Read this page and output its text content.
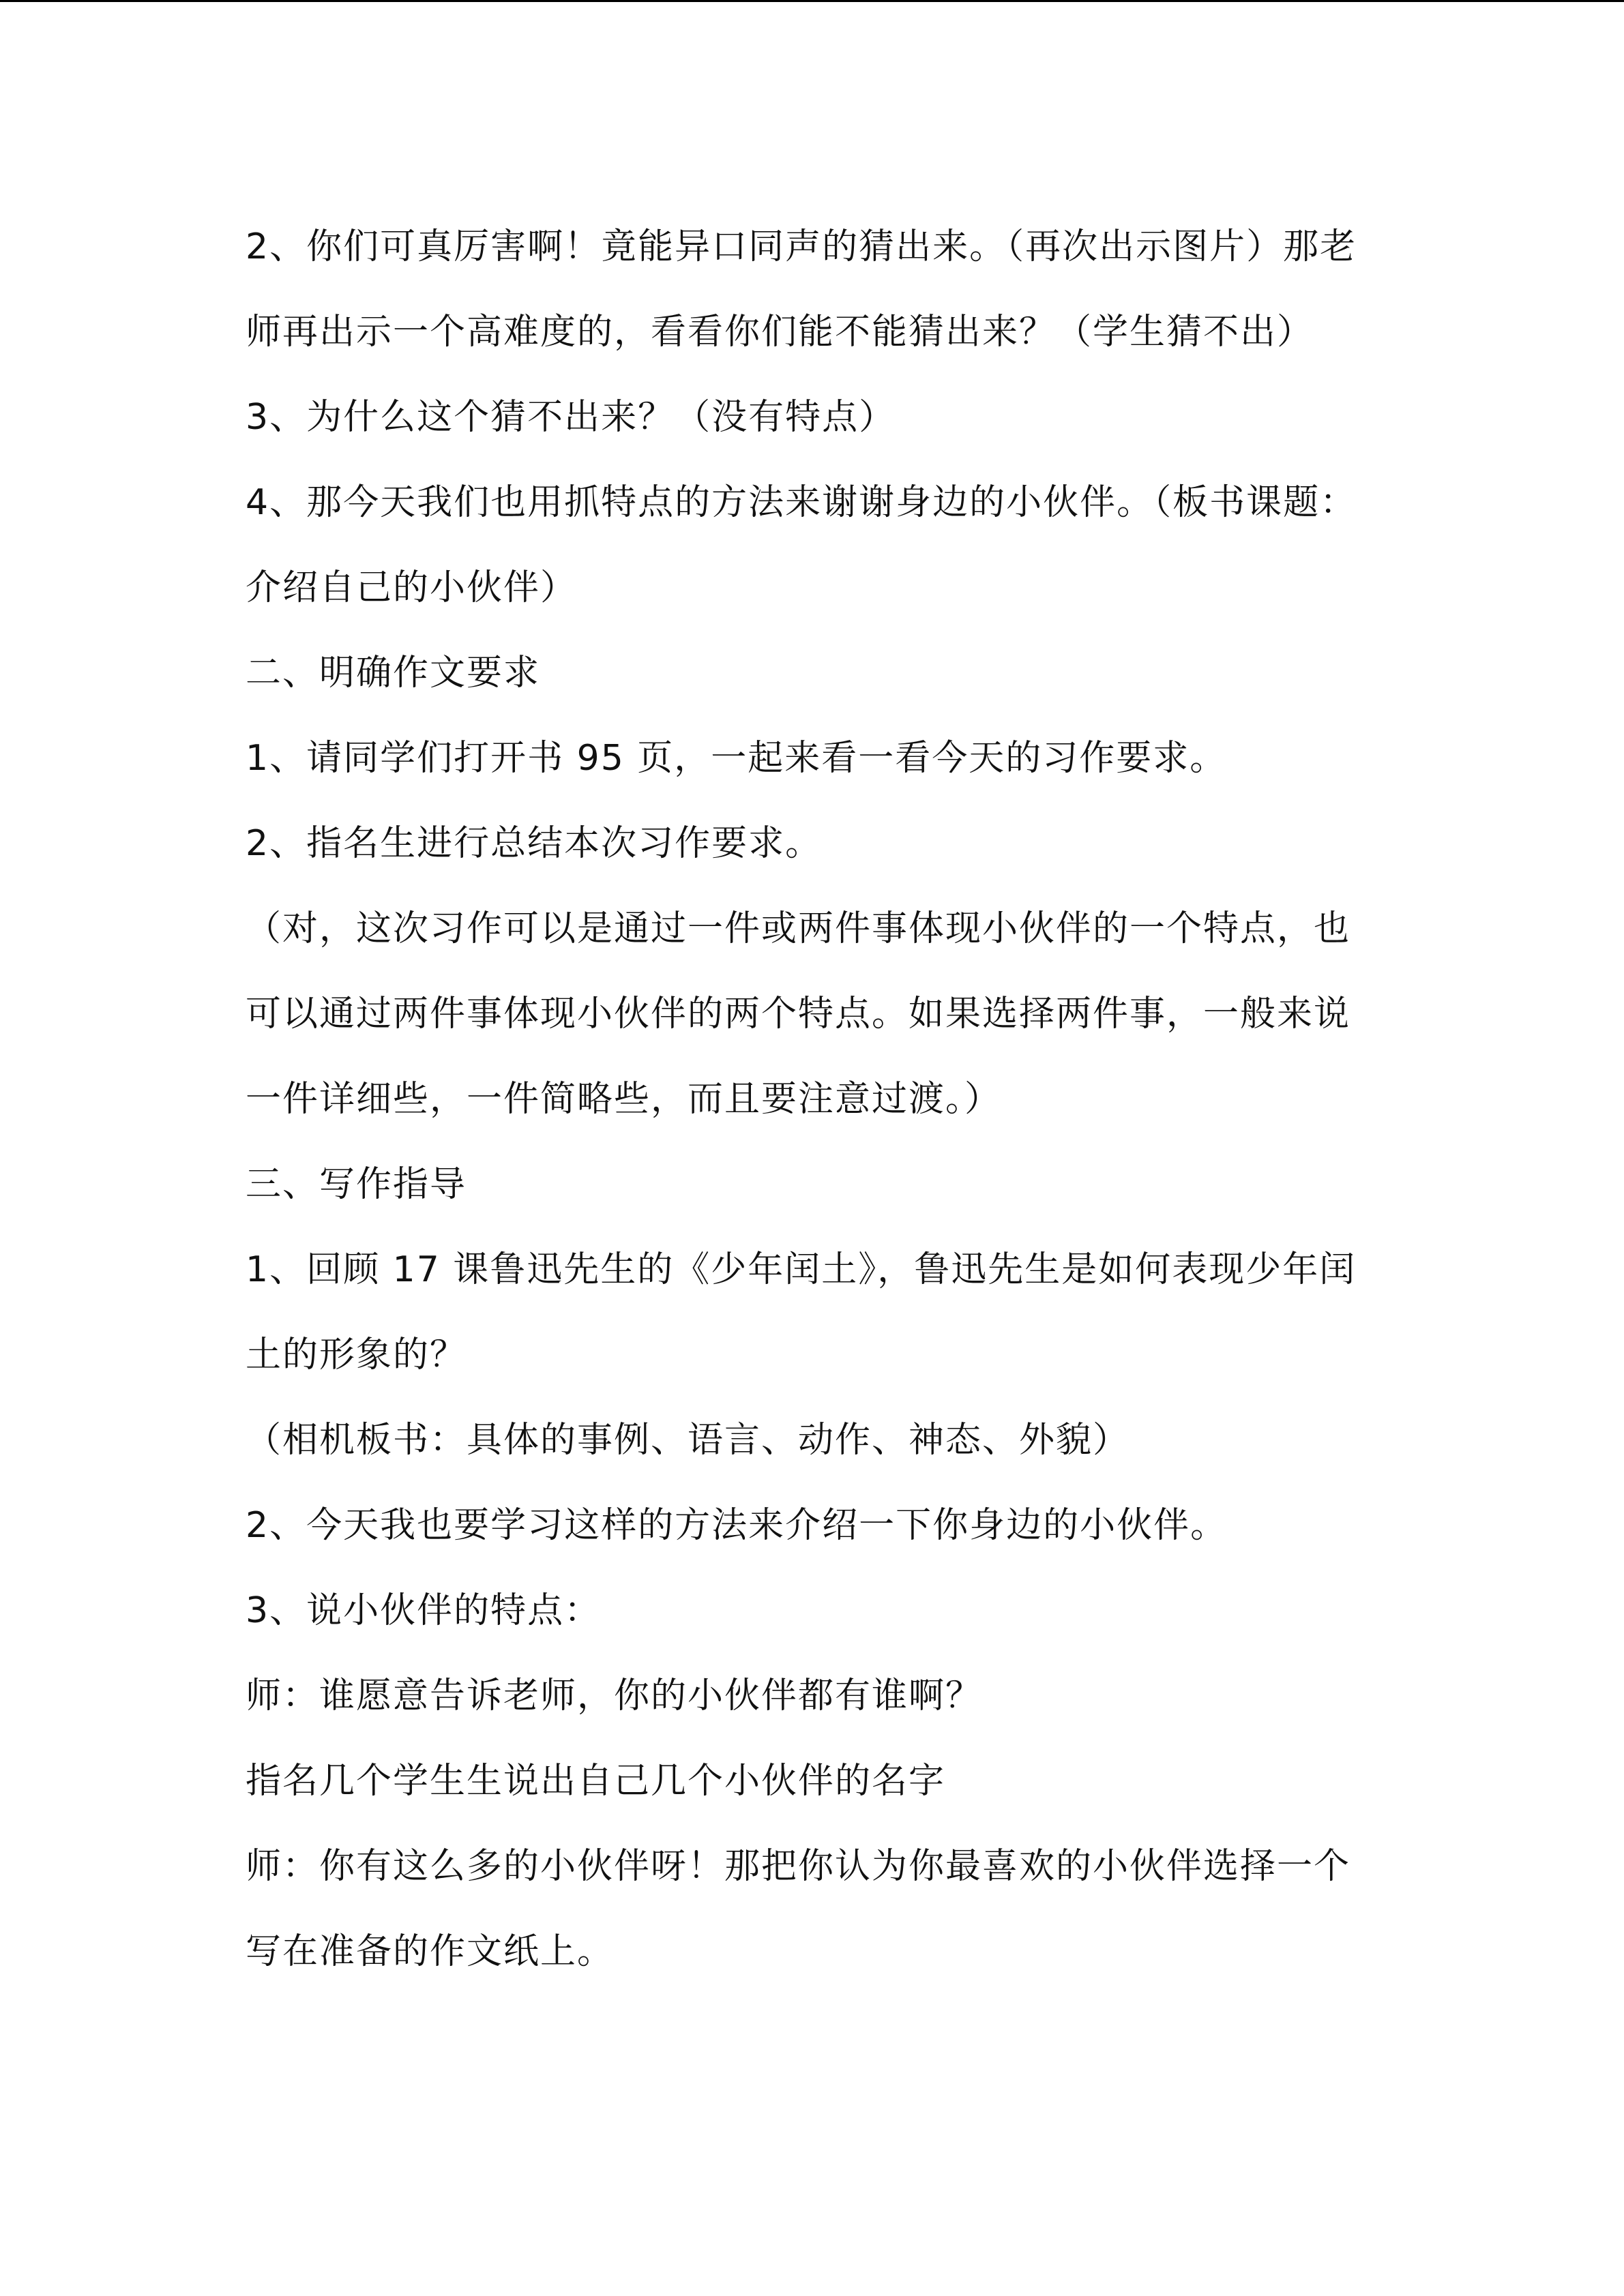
2、你们可真厉害啊！竟能异口同声的猜出来。（再次出示图片）那老师再出示一个高难度的，看看你们能不能猜出来？（学生猜不出）
3、为什么这个猜不出来？（没有特点）
4、那今天我们也用抓特点的方法来谢谢身边的小伙伴。（板书课题：介绍自己的小伙伴）
二、明确作文要求
1、请同学们打开书 95 页，一起来看一看今天的习作要求。
2、指名生进行总结本次习作要求。
（对，这次习作可以是通过一件或两件事体现小伙伴的一个特点，也可以通过两件事体现小伙伴的两个特点。如果选择两件事，一般来说一件详细些，一件简略些，而且要注意过渡。）
三、写作指导
1、回顾 17 课鲁迅先生的《少年闰土》，鲁迅先生是如何表现少年闰土的形象的？
（相机板书：具体的事例、语言、动作、神态、外貌）
2、今天我也要学习这样的方法来介绍一下你身边的小伙伴。
3、说小伙伴的特点：
师：谁愿意告诉老师，你的小伙伴都有谁啊？
指名几个学生生说出自己几个小伙伴的名字
师：你有这么多的小伙伴呀！那把你认为你最喜欢的小伙伴选择一个写在准备的作文纸上。
